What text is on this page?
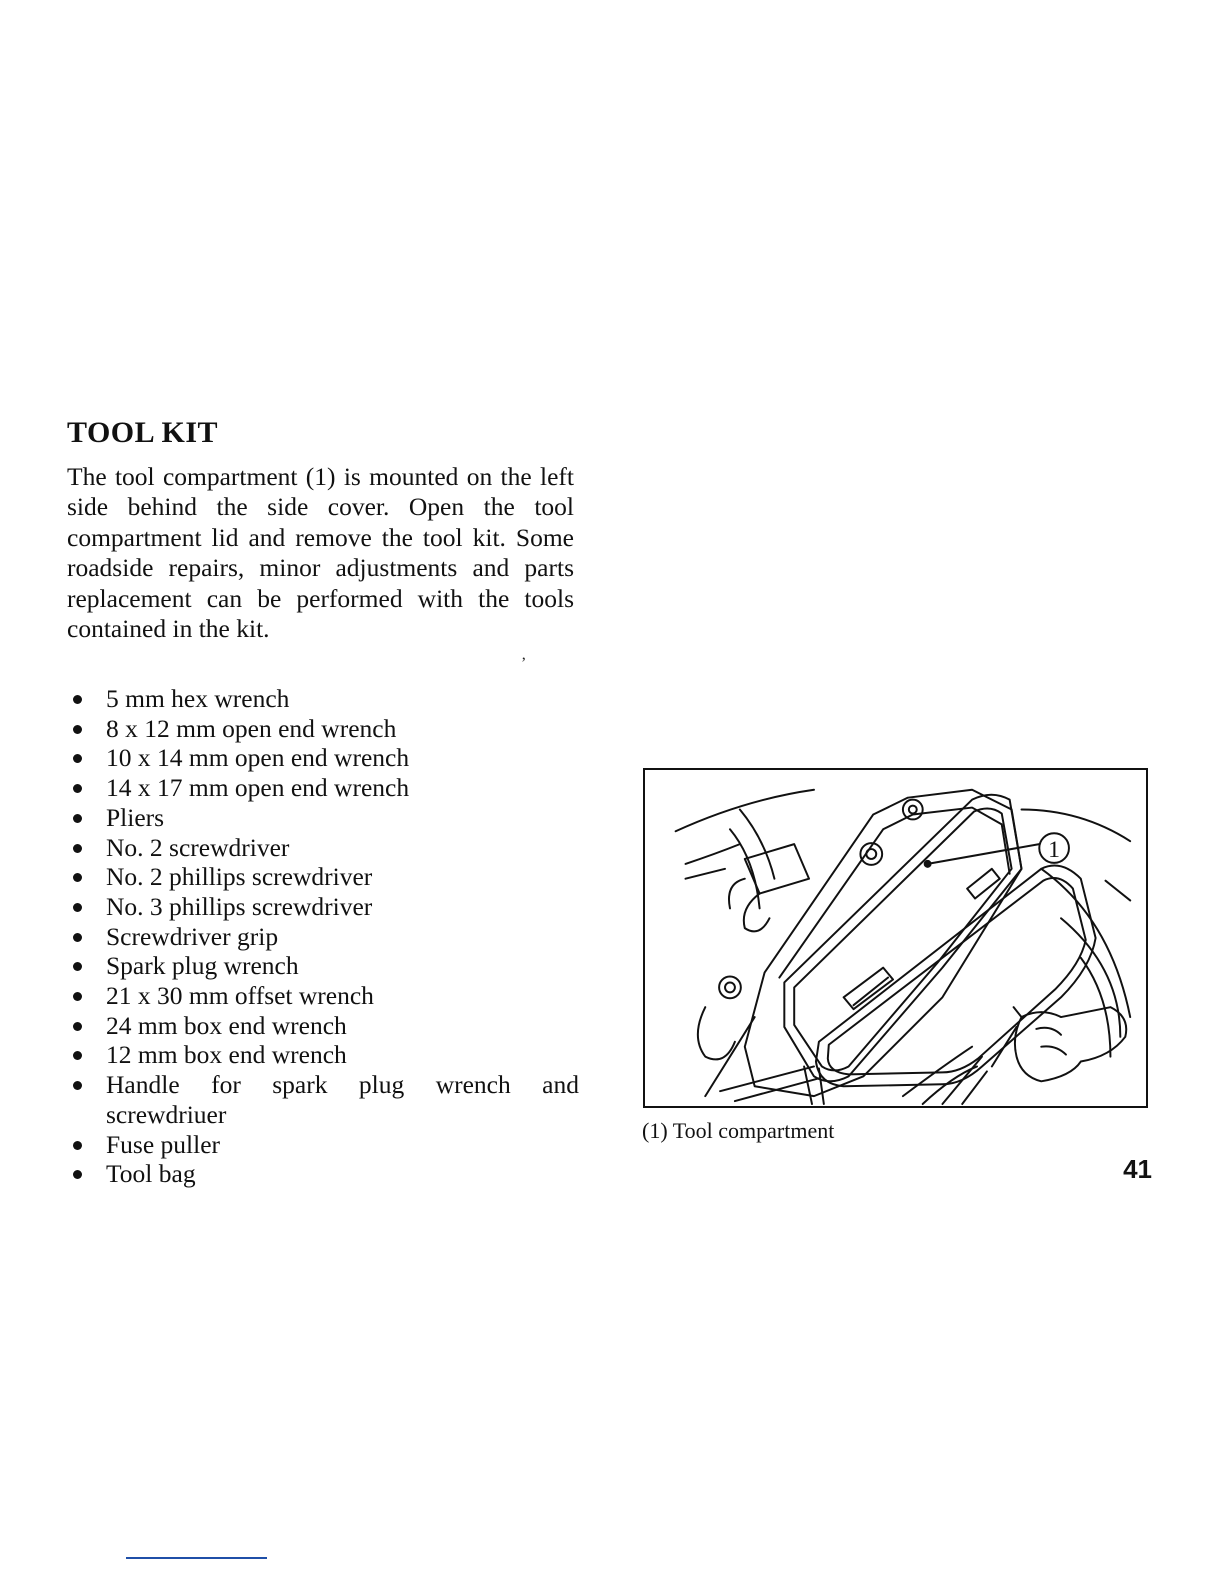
TOOL KIT

The tool compartment (1) is mounted on the left side behind the side cover. Open the tool compartment lid and remove the tool kit. Some roadside repairs, minor adjustments and parts replacement can be performed with the tools contained in the kit.

’
5 mm hex wrench
8 x 12 mm open end wrench
10 x 14 mm open end wrench
14 x 17 mm open end wrench
Pliers
No. 2 screwdriver
No. 2 phillips screwdriver
No. 3 phillips screwdriver
Screwdriver grip
Spark plug wrench
21 x 30 mm offset wrench
24 mm box end wrench
12 mm box end wrench
Handle for spark plug wrench and screwdriuer
Fuse puller
Tool bag
1

(1) Tool compartment

41
